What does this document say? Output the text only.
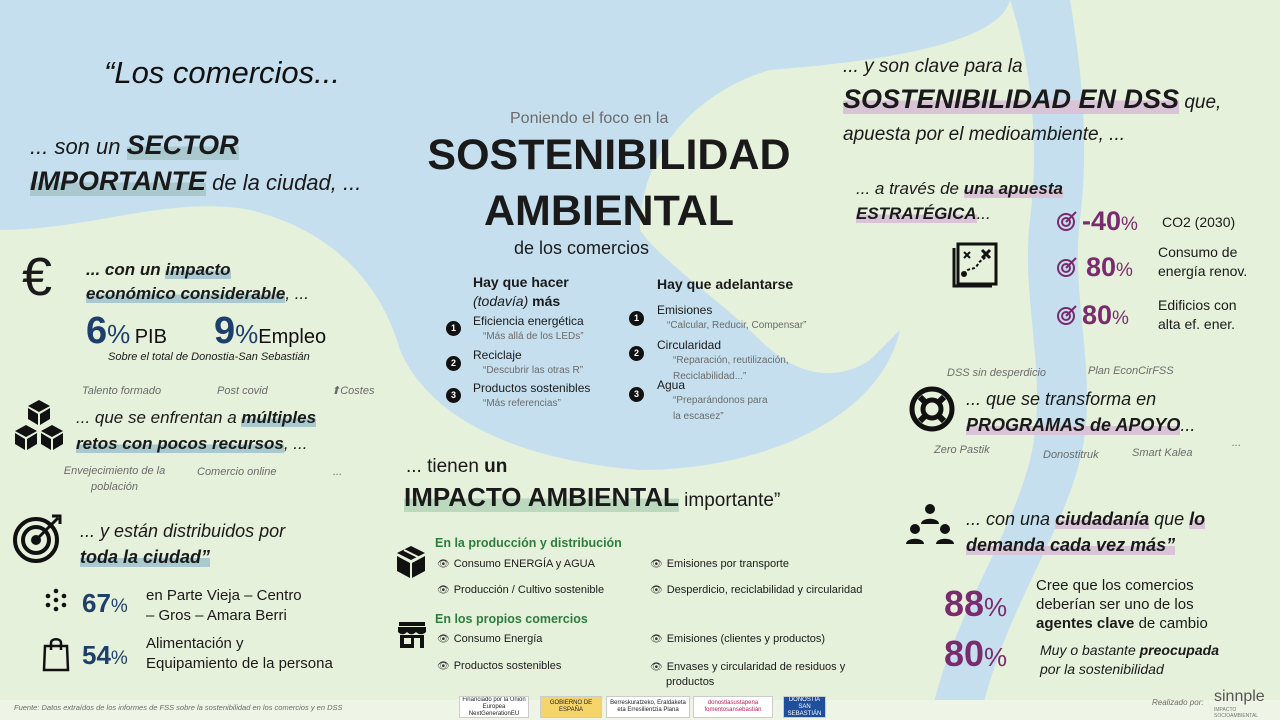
“Los comercios...
... son un SECTOR
IMPORTANTE de la ciudad, ...
€ ... con un impacto
económico considerable, ...
6% PIB 9%Empleo
Sobre el total de Donostia-San Sebastián
Talento formado	Post covid	⬆Costes
... que se enfrentan a múltiples
retos con pocos recursos, ...
Envejecimiento de la
población
Comercio online	...
... y están distribuidos por
toda la ciudad”
67%
en Parte Vieja – Centro
– Gros – Amara Berri
54%
Alimentación y
Equipamiento de la persona
Fuente: Datos extraídos de los informes de FSS sobre la sostenibilidad en los comercios y en DSS
Poniendo el foco en la
SOSTENIBILIDAD
AMBIENTAL
de los comercios
Hay que hacer
(todavía) más
1	Eficiencia energética
“Más allá de los LEDs”
2
Reciclaje
“Descubrir las otras R”
3	Productos sostenibles
“Más referencias”
Hay que adelantarse
1
Emisiones
“Calcular, Reducir, Compensar”
2
Circularidad
“Reparación, reutilización,
Reciclabilidad...”
3
Agua
“Preparándonos para
la escasez”
... tienen un
IMPACTO AMBIENTAL importante”
En la producción y distribución
👁 Consumo ENERGÍA y AGUA	👁 Emisiones por transporte
👁 Producción / Cultivo sostenible	👁 Desperdicio, reciclabilidad y circularidad
En los propios comercios
👁 Consumo Energía	👁 Emisiones (clientes y productos)
👁 Productos sostenibles	👁 Envases y circularidad de residuos y
productos
Financiado por la Unión Europea NextGenerationEU
GOBIERNO DE ESPAÑA
Berreskuratzeko, Eraldaketa eta Erresilientzia Plana
donostiasustapena fomentosansebastián
DONOSTIA SAN SEBASTIÁN
... y son clave para la
SOSTENIBILIDAD EN DSS que,
apuesta por el medioambiente, ...
... a través de una apuesta
ESTRATÉGICA...	-40% CO2 (2030)
80%
Consumo de
energía renov.
80%
Edificios con
alta ef. ener.
DSS sin desperdicio	Plan EconCirFSS
... que se transforma en
PROGRAMAS de APOYO...
Zero Pastik	Donostitruk	Smart Kalea
...
... con una ciudadanía que lo
demanda cada vez más”
88%
Cree que los comercios
deberían ser uno de los
agentes clave de cambio
80% Muy o bastante preocupada
por la sostenibilidad
Realizado por: sinnple
IMPACTO SOCIOAMBIENTAL
